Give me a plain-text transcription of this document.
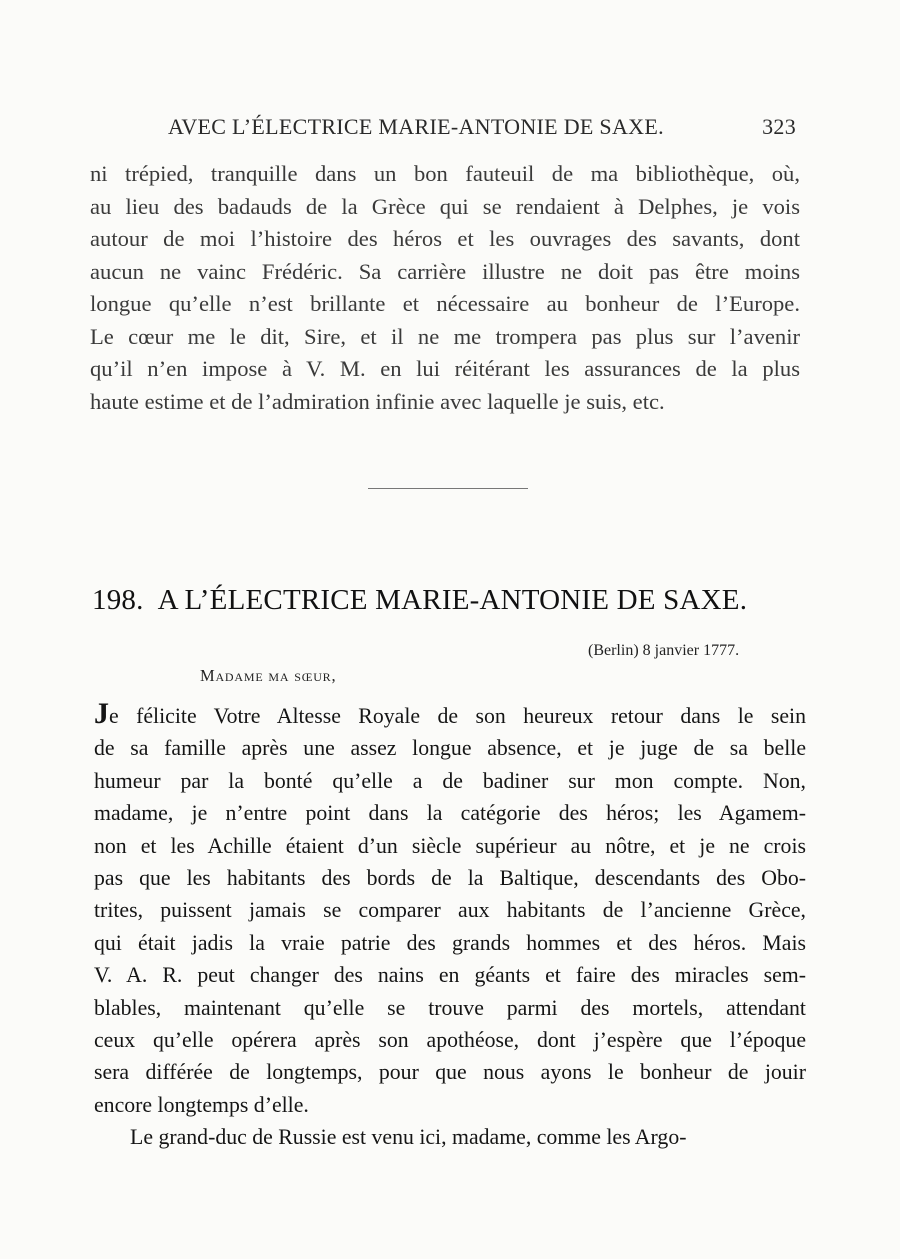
AVEC L’ÉLECTRICE MARIE-ANTONIE DE SAXE.	323
ni trépied, tranquille dans un bon fauteuil de ma bibliothèque, où,
au lieu des badauds de la Grèce qui se rendaient à Delphes, je vois
autour de moi l’histoire des héros et les ouvrages des savants, dont
aucun ne vainc Frédéric. Sa carrière illustre ne doit pas être moins
longue qu’elle n’est brillante et nécessaire au bonheur de l’Europe.
Le cœur me le dit, Sire, et il ne me trompera pas plus sur l’avenir
qu’il n’en impose à V. M. en lui réitérant les assurances de la plus
haute estime et de l’admiration infinie avec laquelle je suis, etc.
198. A L’ÉLECTRICE MARIE-ANTONIE DE SAXE.
(Berlin) 8 janvier 1777.
Madame ma sœur,
Je félicite Votre Altesse Royale de son heureux retour dans le sein
de sa famille après une assez longue absence, et je juge de sa belle
humeur par la bonté qu’elle a de badiner sur mon compte. Non,
madame, je n’entre point dans la catégorie des héros; les Agamem-
non et les Achille étaient d’un siècle supérieur au nôtre, et je ne crois
pas que les habitants des bords de la Baltique, descendants des Obo-
trites, puissent jamais se comparer aux habitants de l’ancienne Grèce,
qui était jadis la vraie patrie des grands hommes et des héros. Mais
V. A. R. peut changer des nains en géants et faire des miracles sem-
blables, maintenant qu’elle se trouve parmi des mortels, attendant
ceux qu’elle opérera après son apothéose, dont j’espère que l’époque
sera différée de longtemps, pour que nous ayons le bonheur de jouir
encore longtemps d’elle.
Le grand-duc de Russie est venu ici, madame, comme les Argo-
